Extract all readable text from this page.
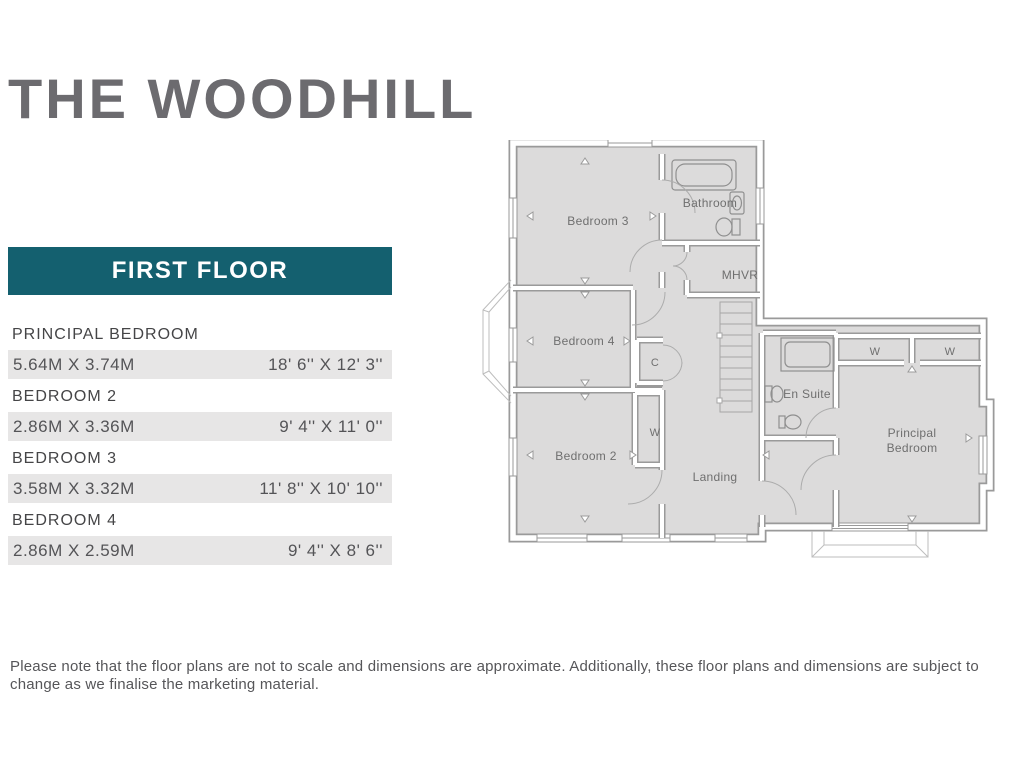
THE WOODHILL
FIRST FLOOR
PRINCIPAL BEDROOM
5.64M X 3.74M	18' 6'' X 12' 3''
BEDROOM 2
2.86M X 3.36M	9' 4'' X 11' 0''
BEDROOM 3
3.58M X 3.32M	11' 8'' X 10' 10''
BEDROOM 4
2.86M X 2.59M	9' 4'' X 8' 6''
Bedroom 3
Bathroom
MHVR
Bedroom 4
C
Bedroom 2
W
Landing
En Suite
W	W
Principal
Bedroom
Please note that the floor plans are not to scale and dimensions are approximate. Additionally, these floor plans and dimensions are subject to change as we finalise the marketing material.
